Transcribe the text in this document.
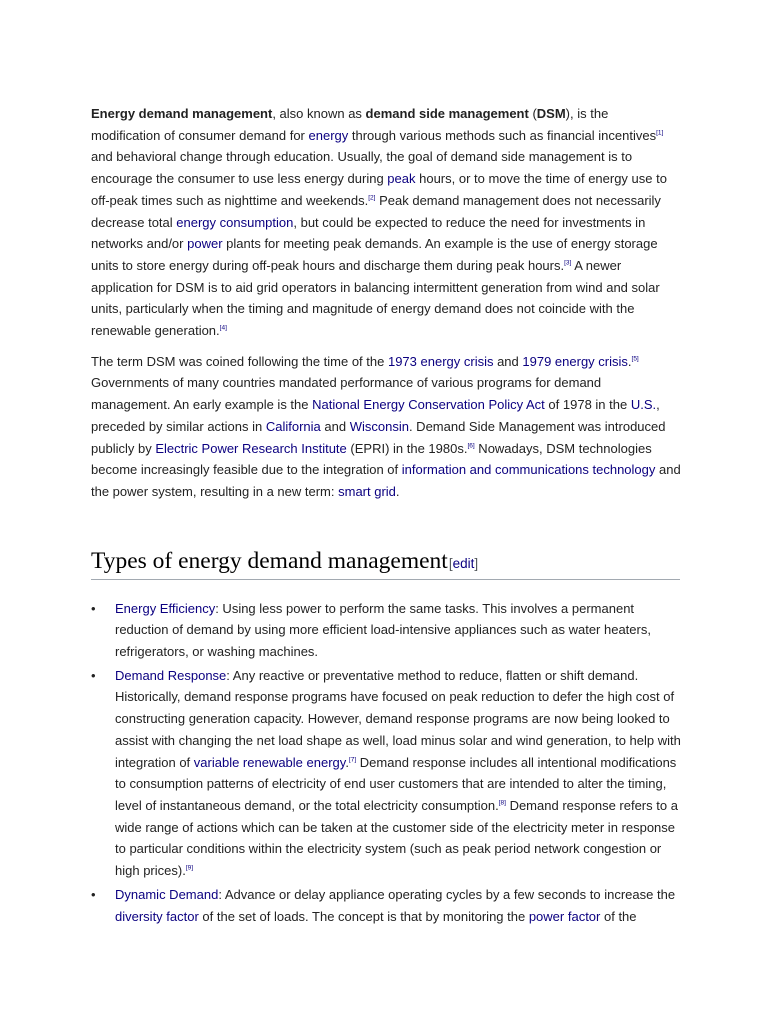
Energy demand management, also known as demand side management (DSM), is the modification of consumer demand for energy through various methods such as financial incentives[1] and behavioral change through education. Usually, the goal of demand side management is to encourage the consumer to use less energy during peak hours, or to move the time of energy use to off-peak times such as nighttime and weekends.[2] Peak demand management does not necessarily decrease total energy consumption, but could be expected to reduce the need for investments in networks and/or power plants for meeting peak demands. An example is the use of energy storage units to store energy during off-peak hours and discharge them during peak hours.[3] A newer application for DSM is to aid grid operators in balancing intermittent generation from wind and solar units, particularly when the timing and magnitude of energy demand does not coincide with the renewable generation.[4]

The term DSM was coined following the time of the 1973 energy crisis and 1979 energy crisis.[5] Governments of many countries mandated performance of various programs for demand management. An early example is the National Energy Conservation Policy Act of 1978 in the U.S., preceded by similar actions in California and Wisconsin. Demand Side Management was introduced publicly by Electric Power Research Institute (EPRI) in the 1980s.[6] Nowadays, DSM technologies become increasingly feasible due to the integration of information and communications technology and the power system, resulting in a new term: smart grid.

Types of energy demand management[edit]
• Energy Efficiency: Using less power to perform the same tasks. This involves a permanent reduction of demand by using more efficient load-intensive appliances such as water heaters, refrigerators, or washing machines.
• Demand Response: Any reactive or preventative method to reduce, flatten or shift demand. Historically, demand response programs have focused on peak reduction to defer the high cost of constructing generation capacity. However, demand response programs are now being looked to assist with changing the net load shape as well, load minus solar and wind generation, to help with integration of variable renewable energy.[7] Demand response includes all intentional modifications to consumption patterns of electricity of end user customers that are intended to alter the timing, level of instantaneous demand, or the total electricity consumption.[8] Demand response refers to a wide range of actions which can be taken at the customer side of the electricity meter in response to particular conditions within the electricity system (such as peak period network congestion or high prices).[9]
• Dynamic Demand: Advance or delay appliance operating cycles by a few seconds to increase the diversity factor of the set of loads. The concept is that by monitoring the power factor of the
